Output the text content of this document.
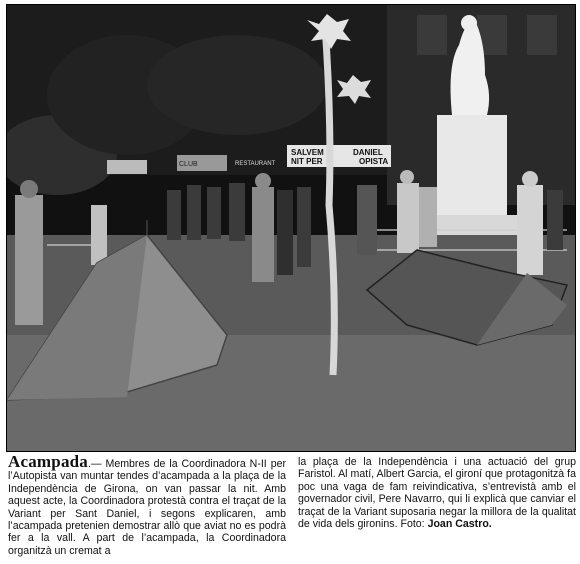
CLUB	RESTAURANT
SALVEM	DANIEL
NIT PER	OPISTA
Acampada.— Membres de la Coordinadora N-II per l’Autopista van muntar tendes d’acampada a la plaça de la Independència de Girona, on van passar la nit. Amb aquest acte, la Coordinadora protestà contra el traçat de la Variant per Sant Daniel, i segons explicaren, amb l’acampada pretenien demostrar allò que aviat no es podrà fer a la vall. A part de l’acampada, la Coordinadora organitzà un cremat a
la plaça de la Independència i una actuació del grup Faristol. Al matí, Albert Garcia, el gironí que protagonitzà fa poc una vaga de fam reivindicativa, s’entrevistà amb el governador civil, Pere Navarro, qui li explicà que canviar el traçat de la Variant suposaria negar la millora de la qualitat de vida dels gironins. Foto: Joan Castro.
